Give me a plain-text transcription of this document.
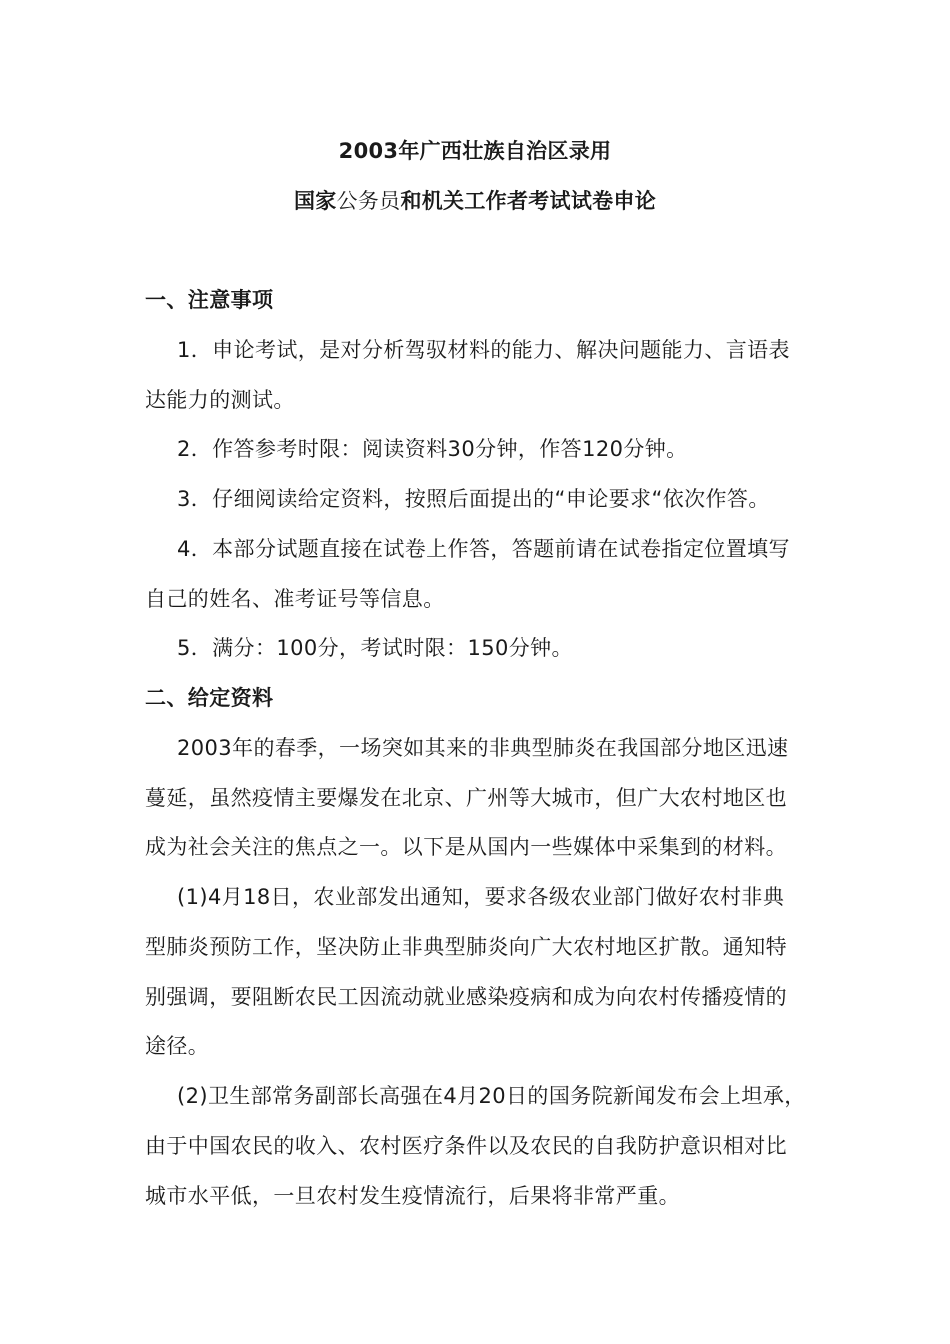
2003年广西壮族自治区录用
国家公务员和机关工作者考试试卷申论
一、注意事项
1．申论考试，是对分析驾驭材料的能力、解决问题能力、言语表
达能力的测试。
2．作答参考时限：阅读资料30分钟，作答120分钟。
3．仔细阅读给定资料，按照后面提出的“申论要求“依次作答。
4．本部分试题直接在试卷上作答，答题前请在试卷指定位置填写
自己的姓名、准考证号等信息。
5．满分：100分，考试时限：150分钟。
二、给定资料
2003年的春季，一场突如其来的非典型肺炎在我国部分地区迅速
蔓延，虽然疫情主要爆发在北京、广州等大城市，但广大农村地区也
成为社会关注的焦点之一。以下是从国内一些媒体中采集到的材料。
(1)4月18日，农业部发出通知，要求各级农业部门做好农村非典
型肺炎预防工作，坚决防止非典型肺炎向广大农村地区扩散。通知特
别强调，要阻断农民工因流动就业感染疫病和成为向农村传播疫情的
途径。
(2)卫生部常务副部长高强在4月20日的国务院新闻发布会上坦承，
由于中国农民的收入、农村医疗条件以及农民的自我防护意识相对比
城市水平低，一旦农村发生疫情流行，后果将非常严重。
